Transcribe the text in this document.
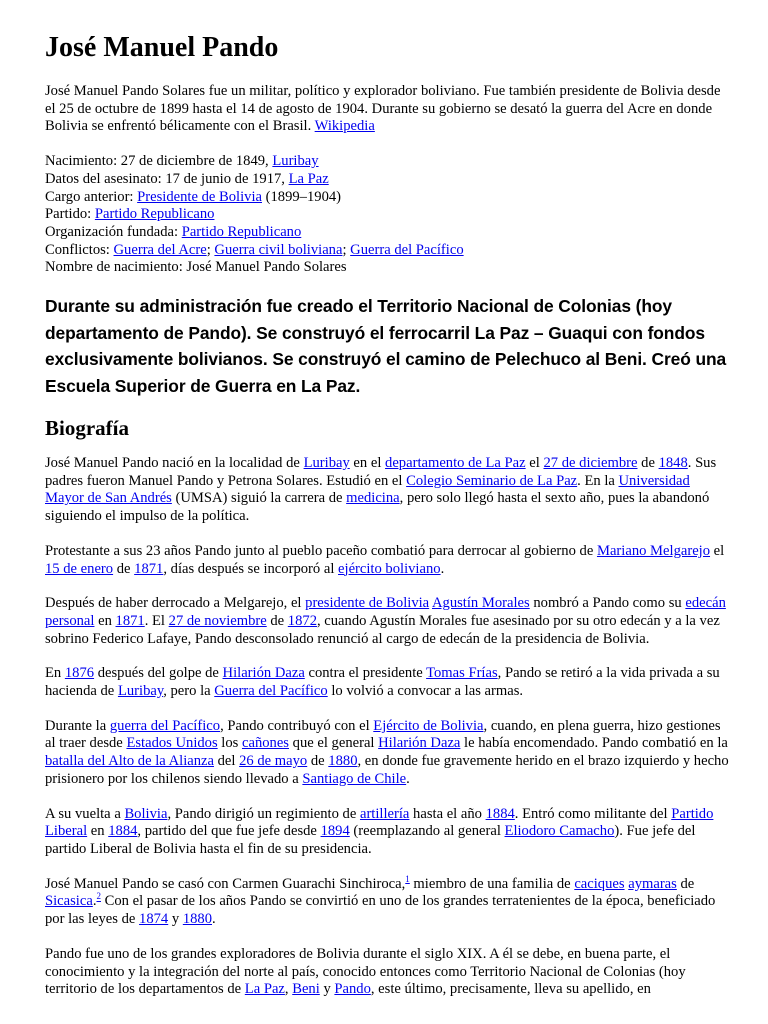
José Manuel Pando

José Manuel Pando Solares fue un militar, político y explorador boliviano. Fue también presidente de Bolivia desde el 25 de octubre de 1899 hasta el 14 de agosto de 1904. Durante su gobierno se desató la guerra del Acre en donde Bolivia se enfrentó bélicamente con el Brasil. Wikipedia

Nacimiento: 27 de diciembre de 1849, Luribay
Datos del asesinato: 17 de junio de 1917, La Paz
Cargo anterior: Presidente de Bolivia (1899–1904)
Partido: Partido Republicano
Organización fundada: Partido Republicano
Conflictos: Guerra del Acre; Guerra civil boliviana; Guerra del Pacífico
Nombre de nacimiento: José Manuel Pando Solares
Durante su administración fue creado el Territorio Nacional de Colonias (hoy departamento de Pando). Se construyó el ferrocarril La Paz – Guaqui con fondos exclusivamente bolivianos. Se construyó el camino de Pelechuco al Beni. Creó una Escuela Superior de Guerra en La Paz.
Biografía

José Manuel Pando nació en la localidad de Luribay en el departamento de La Paz el 27 de diciembre de 1848. Sus padres fueron Manuel Pando y Petrona Solares. Estudió en el Colegio Seminario de La Paz. En la Universidad Mayor de San Andrés (UMSA) siguió la carrera de medicina, pero solo llegó hasta el sexto año, pues la abandonó siguiendo el impulso de la política.

Protestante a sus 23 años Pando junto al pueblo paceño combatió para derrocar al gobierno de Mariano Melgarejo el 15 de enero de 1871, días después se incorporó al ejército boliviano.

Después de haber derrocado a Melgarejo, el presidente de Bolivia Agustín Morales nombró a Pando como su edecán personal en 1871. El 27 de noviembre de 1872, cuando Agustín Morales fue asesinado por su otro edecán y a la vez sobrino Federico Lafaye, Pando desconsolado renunció al cargo de edecán de la presidencia de Bolivia.

En 1876 después del golpe de Hilarión Daza contra el presidente Tomas Frías, Pando se retiró a la vida privada a su hacienda de Luribay, pero la Guerra del Pacífico lo volvió a convocar a las armas.

Durante la guerra del Pacífico, Pando contribuyó con el Ejército de Bolivia, cuando, en plena guerra, hizo gestiones al traer desde Estados Unidos los cañones que el general Hilarión Daza le había encomendado. Pando combatió en la batalla del Alto de la Alianza del 26 de mayo de 1880, en donde fue gravemente herido en el brazo izquierdo y hecho prisionero por los chilenos siendo llevado a Santiago de Chile.

A su vuelta a Bolivia, Pando dirigió un regimiento de artillería hasta el año 1884. Entró como militante del Partido Liberal en 1884, partido del que fue jefe desde 1894 (reemplazando al general Eliodoro Camacho). Fue jefe del partido Liberal de Bolivia hasta el fin de su presidencia.

José Manuel Pando se casó con Carmen Guarachi Sinchiroca,$^1$ miembro de una familia de caciques aymaras de Sicasica.$^2$ Con el pasar de los años Pando se convirtió en uno de los grandes terratenientes de la época, beneficiado por las leyes de 1874 y 1880.

Pando fue uno de los grandes exploradores de Bolivia durante el siglo XIX. A él se debe, en buena parte, el conocimiento y la integración del norte al país, conocido entonces como Territorio Nacional de Colonias (hoy territorio de los departamentos de La Paz, Beni y Pando, este último, precisamente, lleva su apellido, en
